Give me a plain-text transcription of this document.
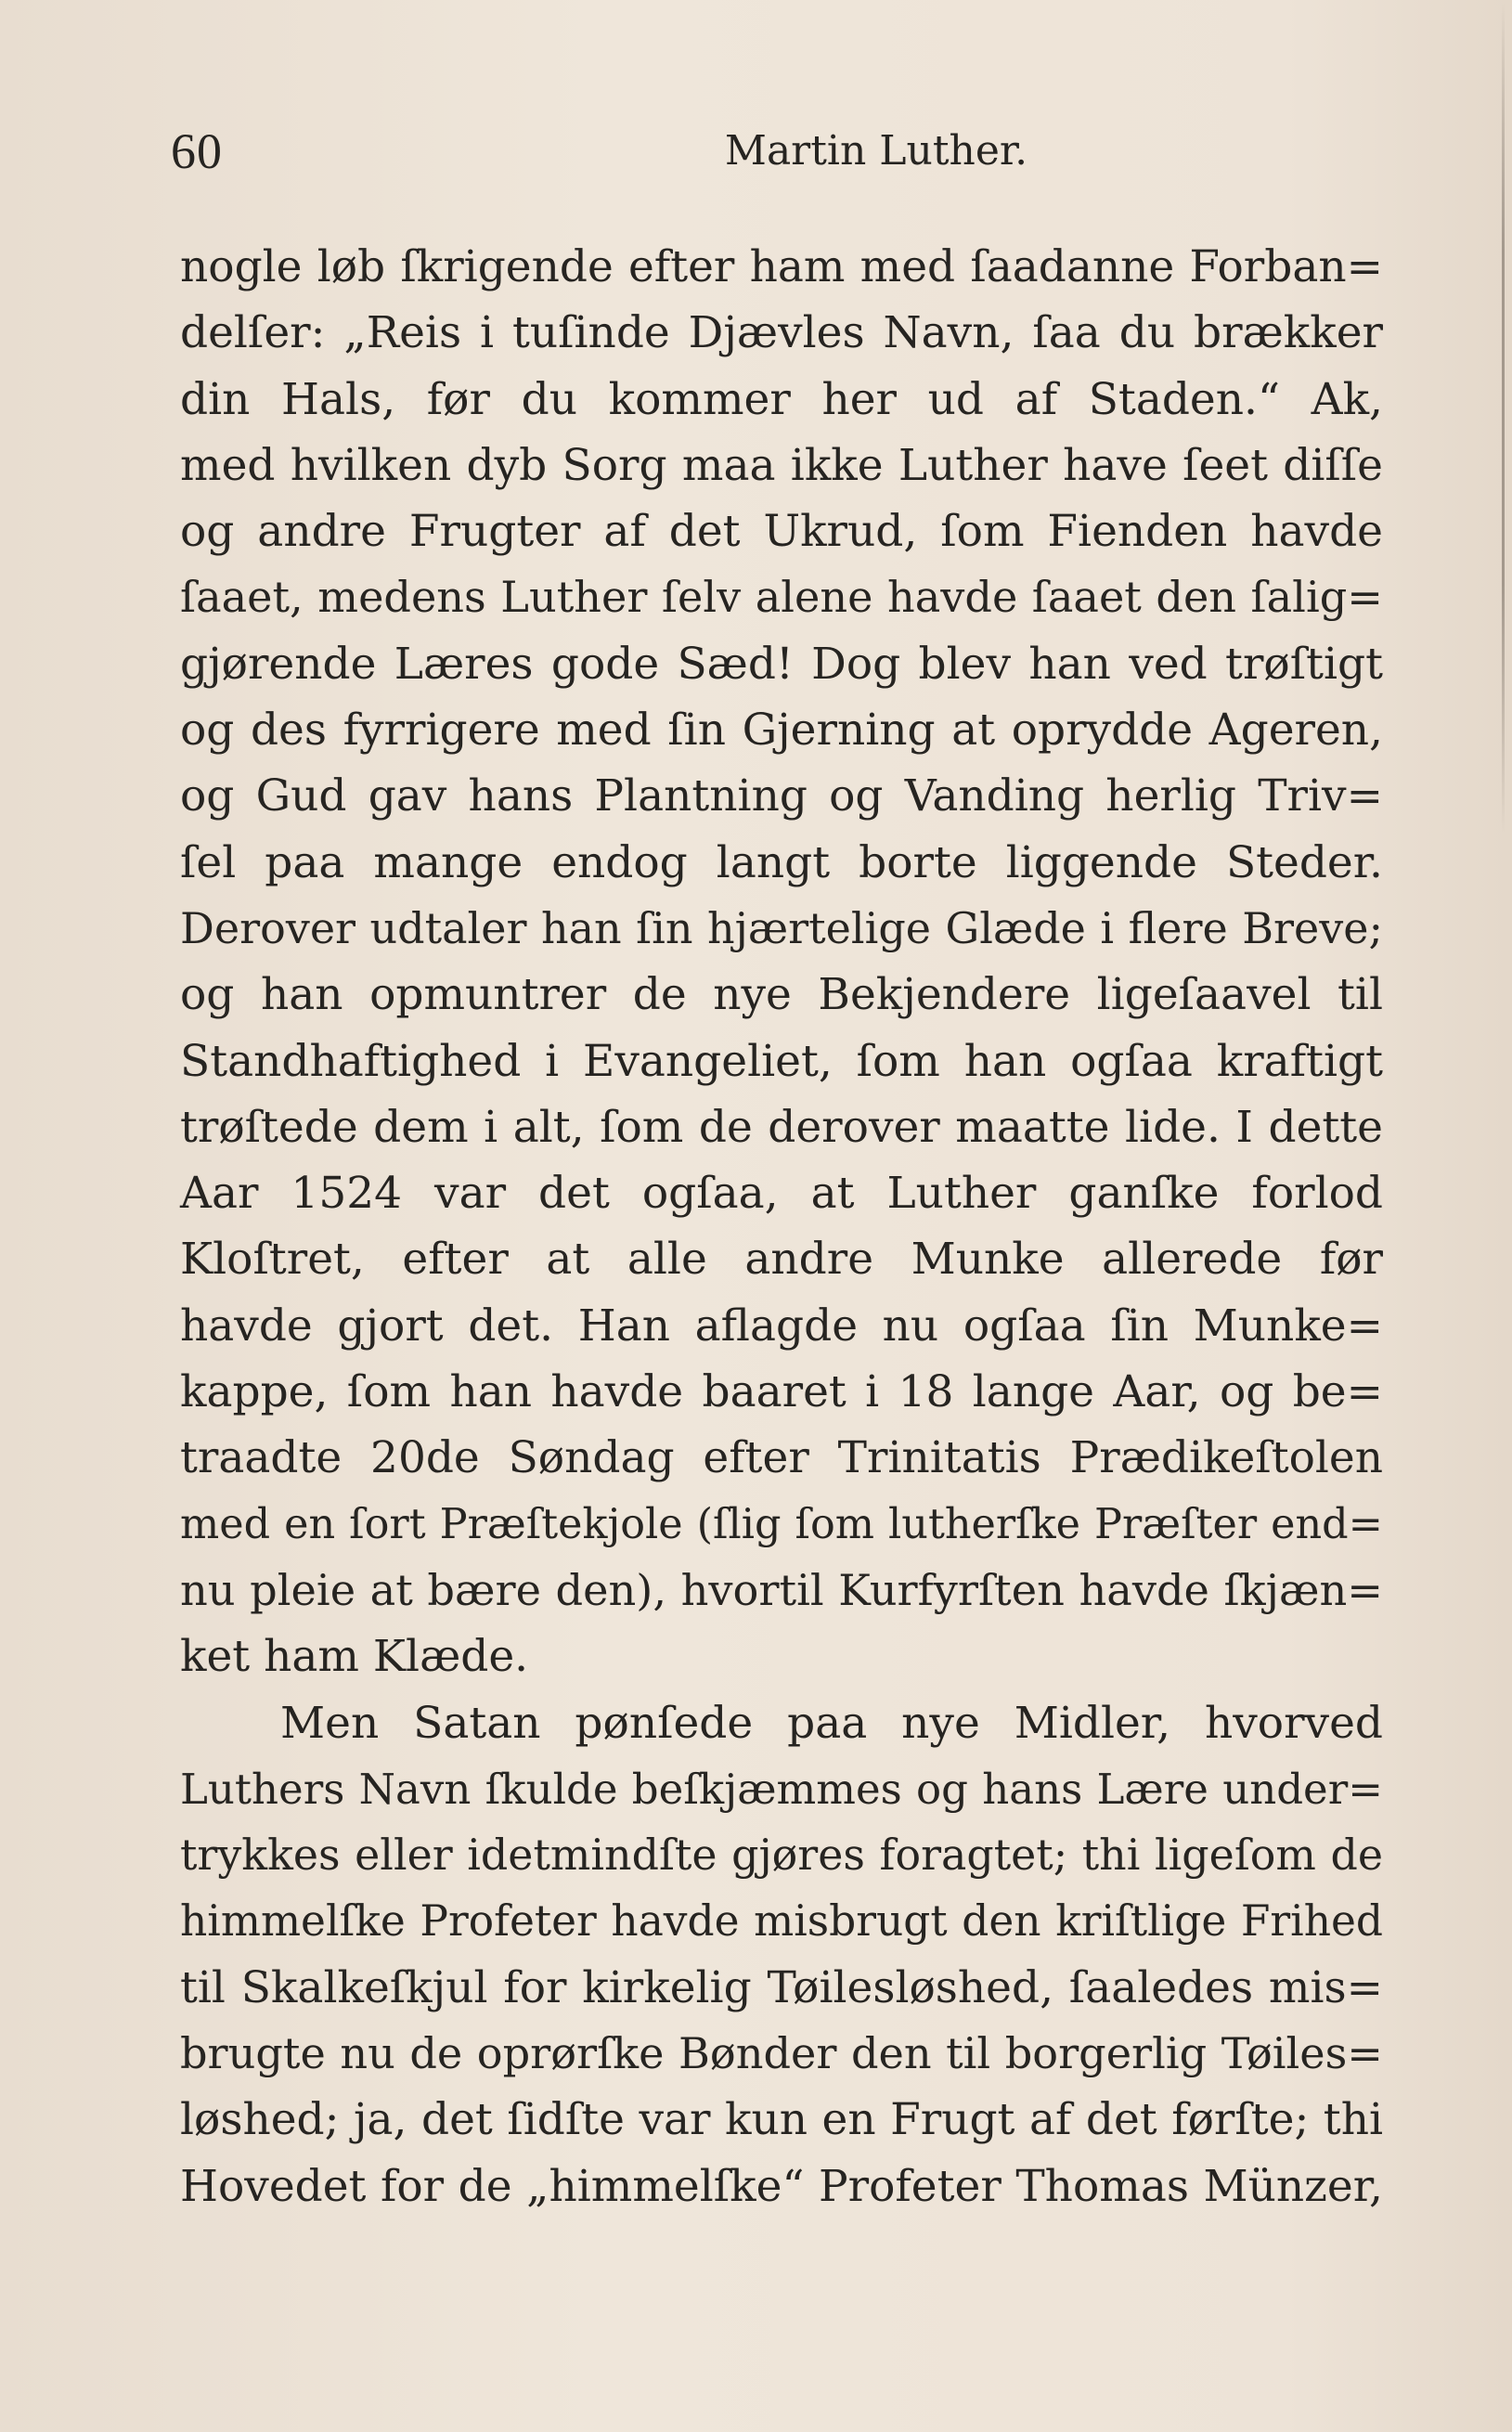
60	Martin Luther.
nogle løb ſkrigende efter ham med ſaadanne Forban=
delſer: „Reis i tuſinde Djævles Navn, ſaa du brækker
din Hals, før du kommer her ud af Staden.“ Ak,
med hvilken dyb Sorg maa ikke Luther have ſeet diſſe
og andre Frugter af det Ukrud, ſom Fienden havde
ſaaet, medens Luther ſelv alene havde ſaaet den ſalig=
gjørende Læres gode Sæd! Dog blev han ved trøſtigt
og des fyrrigere med ſin Gjerning at oprydde Ageren,
og Gud gav hans Plantning og Vanding herlig Triv=
ſel paa mange endog langt borte liggende Steder.
Derover udtaler han ſin hjærtelige Glæde i flere Breve;
og han opmuntrer de nye Bekjendere ligeſaavel til
Standhaftighed i Evangeliet, ſom han ogſaa kraftigt
trøſtede dem i alt, ſom de derover maatte lide. I dette
Aar 1524 var det ogſaa, at Luther ganſke forlod
Kloſtret, efter at alle andre Munke allerede før
havde gjort det. Han aflagde nu ogſaa ſin Munke=
kappe, ſom han havde baaret i 18 lange Aar, og be=
traadte 20de Søndag efter Trinitatis Prædikeſtolen
med en ſort Præſtekjole (ſlig ſom lutherſke Præſter end=
nu pleie at bære den), hvortil Kurfyrſten havde ſkjæn=
ket ham Klæde.
Men Satan pønſede paa nye Midler, hvorved
Luthers Navn ſkulde beſkjæmmes og hans Lære under=
trykkes eller idetmindſte gjøres foragtet; thi ligeſom de
himmelſke Profeter havde misbrugt den kriſtlige Frihed
til Skalkeſkjul for kirkelig Tøilesløshed, ſaaledes mis=
brugte nu de oprørſke Bønder den til borgerlig Tøiles=
løshed; ja, det ſidſte var kun en Frugt af det førſte; thi
Hovedet for de „himmelſke“ Profeter Thomas Münzer,
